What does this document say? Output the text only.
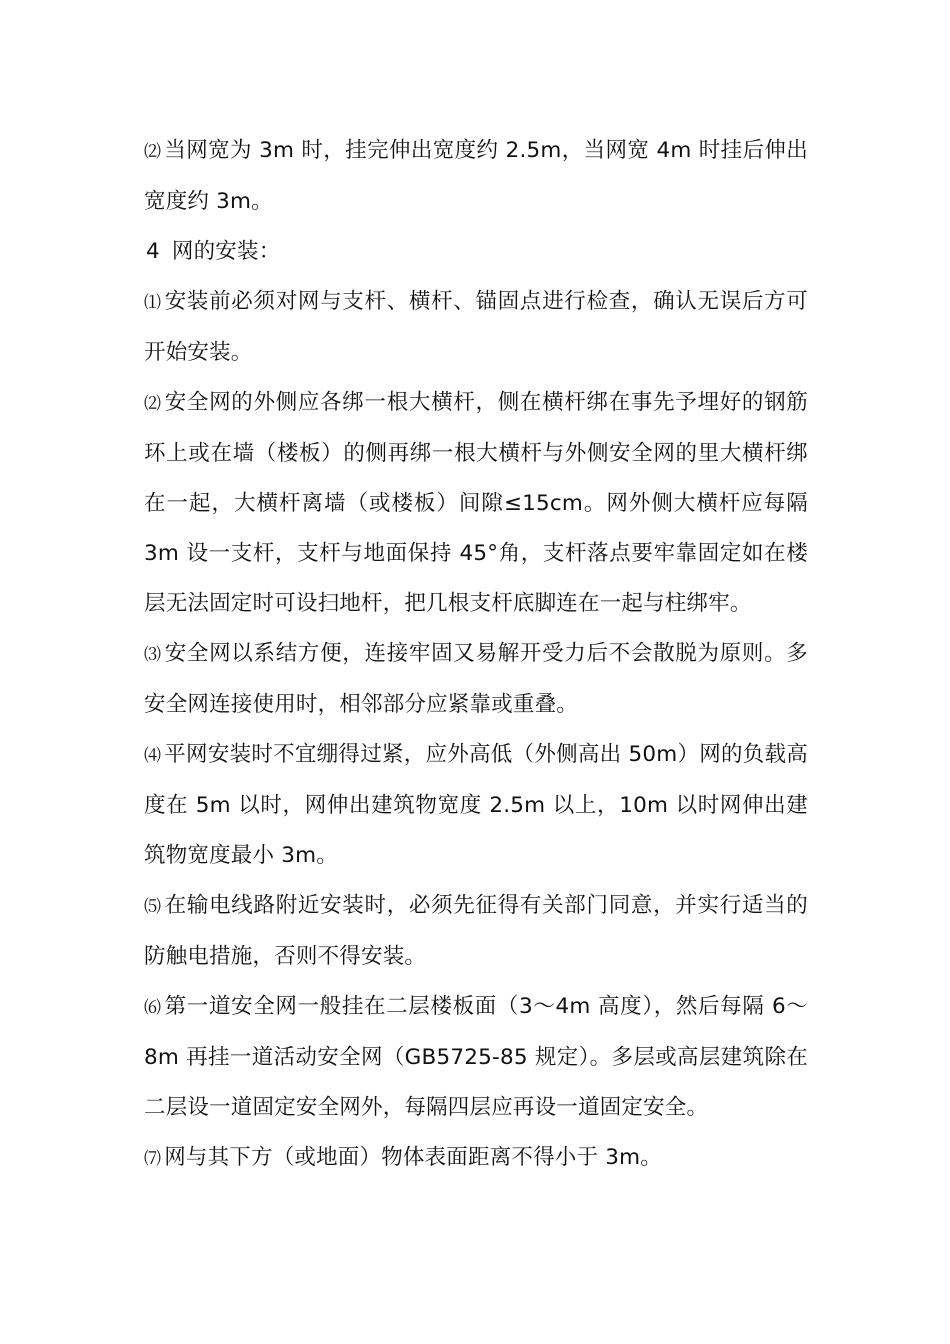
⑵ 当网宽为 3m 时，挂完伸出宽度约 2.5m，当网宽 4m 时挂后伸出宽度约 3m。

4 网的安装：

⑴ 安装前必须对网与支杆、横杆、锚固点进行检查，确认无误后方可开始安装。

⑵ 安全网的外侧应各绑一根大横杆，侧在横杆绑在事先予埋好的钢筋环上或在墙（楼板）的侧再绑一根大横杆与外侧安全网的里大横杆绑在一起，大横杆离墙（或楼板）间隙≤15cm。网外侧大横杆应每隔 3m 设一支杆，支杆与地面保持 45°角，支杆落点要牢靠固定如在楼层无法固定时可设扫地杆，把几根支杆底脚连在一起与柱绑牢。

⑶ 安全网以系结方便，连接牢固又易解开受力后不会散脱为原则。多安全网连接使用时，相邻部分应紧靠或重叠。

⑷ 平网安装时不宜绷得过紧，应外高低（外侧高出 50m）网的负载高度在 5m 以时，网伸出建筑物宽度 2.5m 以上，10m 以时网伸出建筑物宽度最小 3m。

⑸ 在输电线路附近安装时，必须先征得有关部门同意，并实行适当的防触电措施，否则不得安装。

⑹ 第一道安全网一般挂在二层楼板面（3～4m 高度），然后每隔 6～8m 再挂一道活动安全网（GB5725-85 规定）。多层或高层建筑除在二层设一道固定安全网外，每隔四层应再设一道固定安全。

⑺ 网与其下方（或地面）物体表面距离不得小于 3m。
